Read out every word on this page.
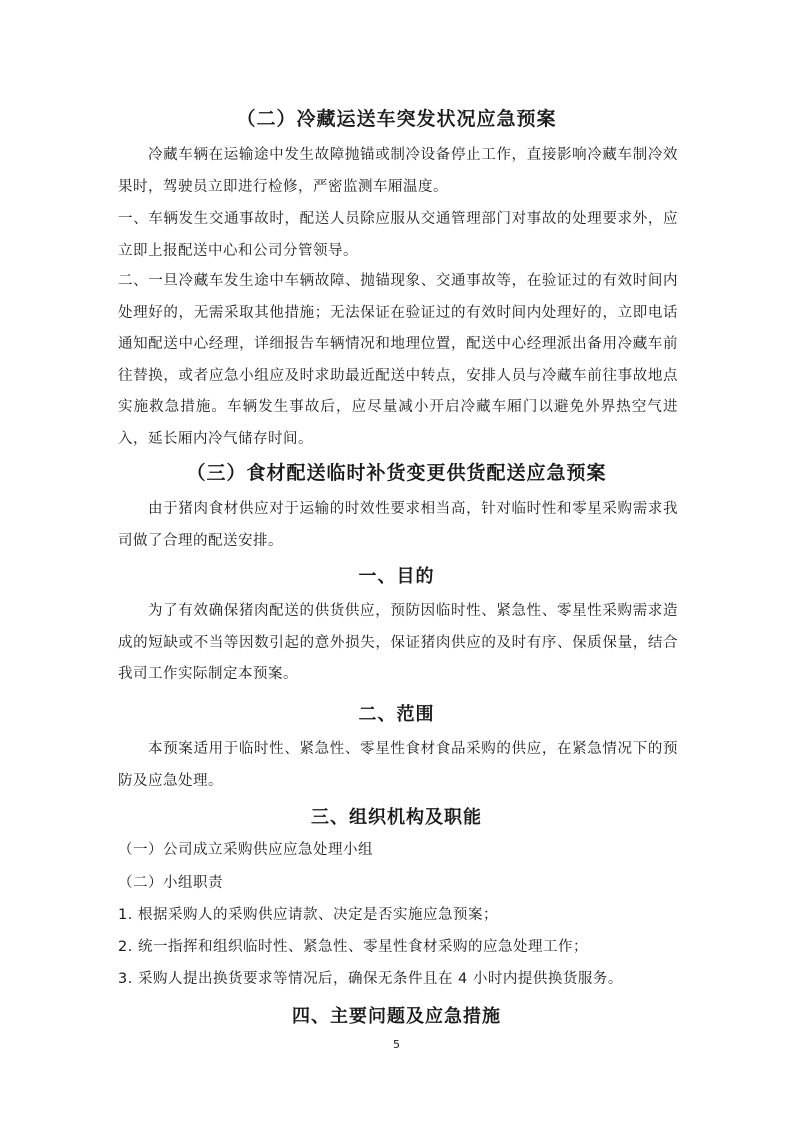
（二）冷藏运送车突发状况应急预案
冷藏车辆在运输途中发生故障抛锚或制冷设备停止工作，直接影响冷藏车制冷效果时，驾驶员立即进行检修，严密监测车厢温度。
一、车辆发生交通事故时，配送人员除应服从交通管理部门对事故的处理要求外，应立即上报配送中心和公司分管领导。
二、一旦冷藏车发生途中车辆故障、抛锚现象、交通事故等，在验证过的有效时间内处理好的，无需采取其他措施；无法保证在验证过的有效时间内处理好的，立即电话通知配送中心经理，详细报告车辆情况和地理位置，配送中心经理派出备用冷藏车前往替换，或者应急小组应及时求助最近配送中转点，安排人员与冷藏车前往事故地点实施救急措施。车辆发生事故后，应尽量减小开启冷藏车厢门以避免外界热空气进入，延长厢内冷气储存时间。
（三）食材配送临时补货变更供货配送应急预案
由于猪肉食材供应对于运输的时效性要求相当高，针对临时性和零星采购需求我司做了合理的配送安排。
一、目的
为了有效确保猪肉配送的供货供应，预防因临时性、紧急性、零星性采购需求造成的短缺或不当等因数引起的意外损失，保证猪肉供应的及时有序、保质保量，结合我司工作实际制定本预案。
二、范围
本预案适用于临时性、紧急性、零星性食材食品采购的供应，在紧急情况下的预防及应急处理。
三、组织机构及职能
（一）公司成立采购供应应急处理小组
（二）小组职责
1. 根据采购人的采购供应请款、决定是否实施应急预案；
2. 统一指挥和组织临时性、紧急性、零星性食材采购的应急处理工作；
3. 采购人提出换货要求等情况后，确保无条件且在 4 小时内提供换货服务。
四、主要问题及应急措施
5
